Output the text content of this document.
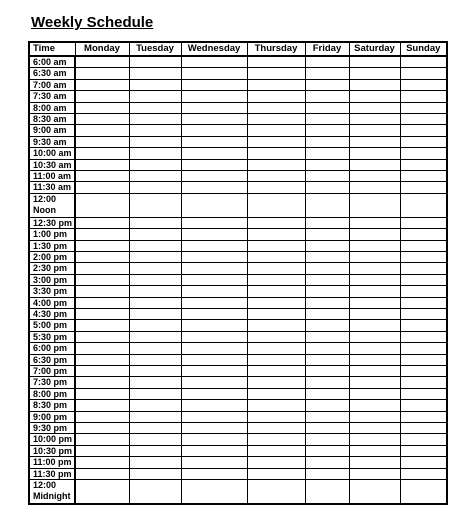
Weekly Schedule
Time	Monday	Tuesday	Wednesday	Thursday	Friday	Saturday	Sunday

6:00 am							

6:30 am							

7:00 am							

7:30 am							

8:00 am							

8:30 am							

9:00 am							

9:30 am							

10:00 am							

10:30 am							

11:00 am							

11:30 am							

12:00
Noon							

12:30 pm							

1:00 pm							

1:30 pm							

2:00 pm							

2:30 pm							

3:00 pm							

3:30 pm							

4:00 pm							

4:30 pm							

5:00 pm							

5:30 pm							

6:00 pm							

6:30 pm							

7:00 pm							

7:30 pm							

8:00 pm							

8:30 pm							

9:00 pm							

9:30 pm							

10:00 pm							

10:30 pm							

11:00 pm							

11:30 pm							

12:00
Midnight							
